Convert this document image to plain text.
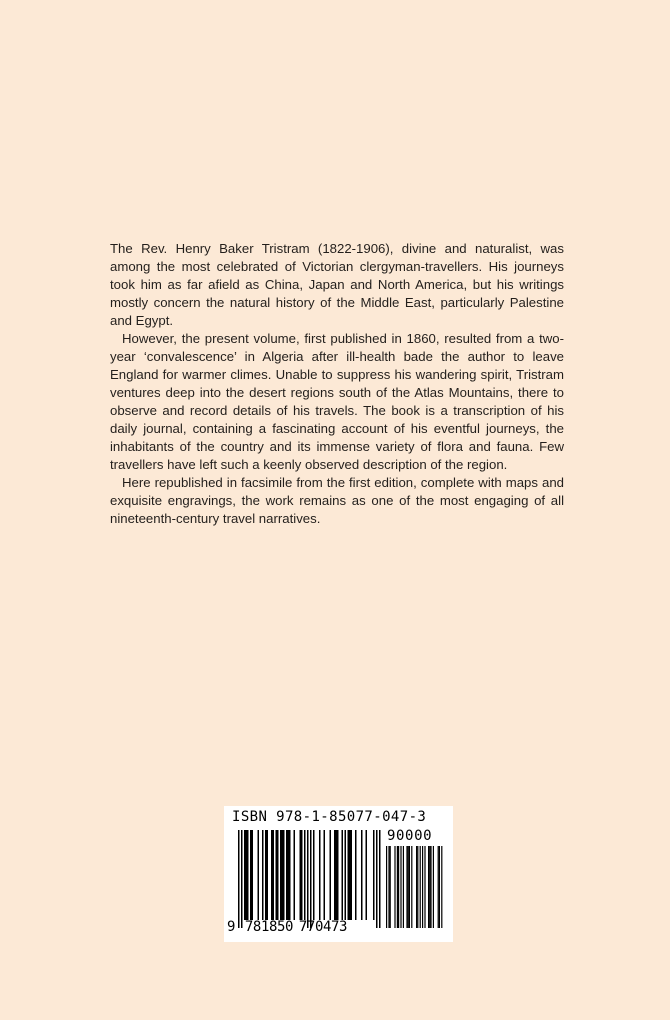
The Rev. Henry Baker Tristram (1822-1906), divine and naturalist, was among the most celebrated of Victorian clergyman-travellers. His journeys took him as far afield as China, Japan and North America, but his writings mostly concern the natural history of the Middle East, particularly Palestine and Egypt.

However, the present volume, first published in 1860, resulted from a two-year ‘convalescence’ in Algeria after ill-health bade the author to leave England for warmer climes. Unable to suppress his wandering spirit, Tristram ventures deep into the desert regions south of the Atlas Mountains, there to observe and record details of his travels. The book is a transcription of his daily journal, containing a fascinating account of his eventful journeys, the inhabitants of the country and its immense variety of flora and fauna. Few travellers have left such a keenly observed description of the region.

Here republished in facsimile from the first edition, complete with maps and exquisite engravings, the work remains as one of the most engaging of all nineteenth-century travel narratives.

ISBN 978-1-85077-047-3
90000
9 781850 770473
